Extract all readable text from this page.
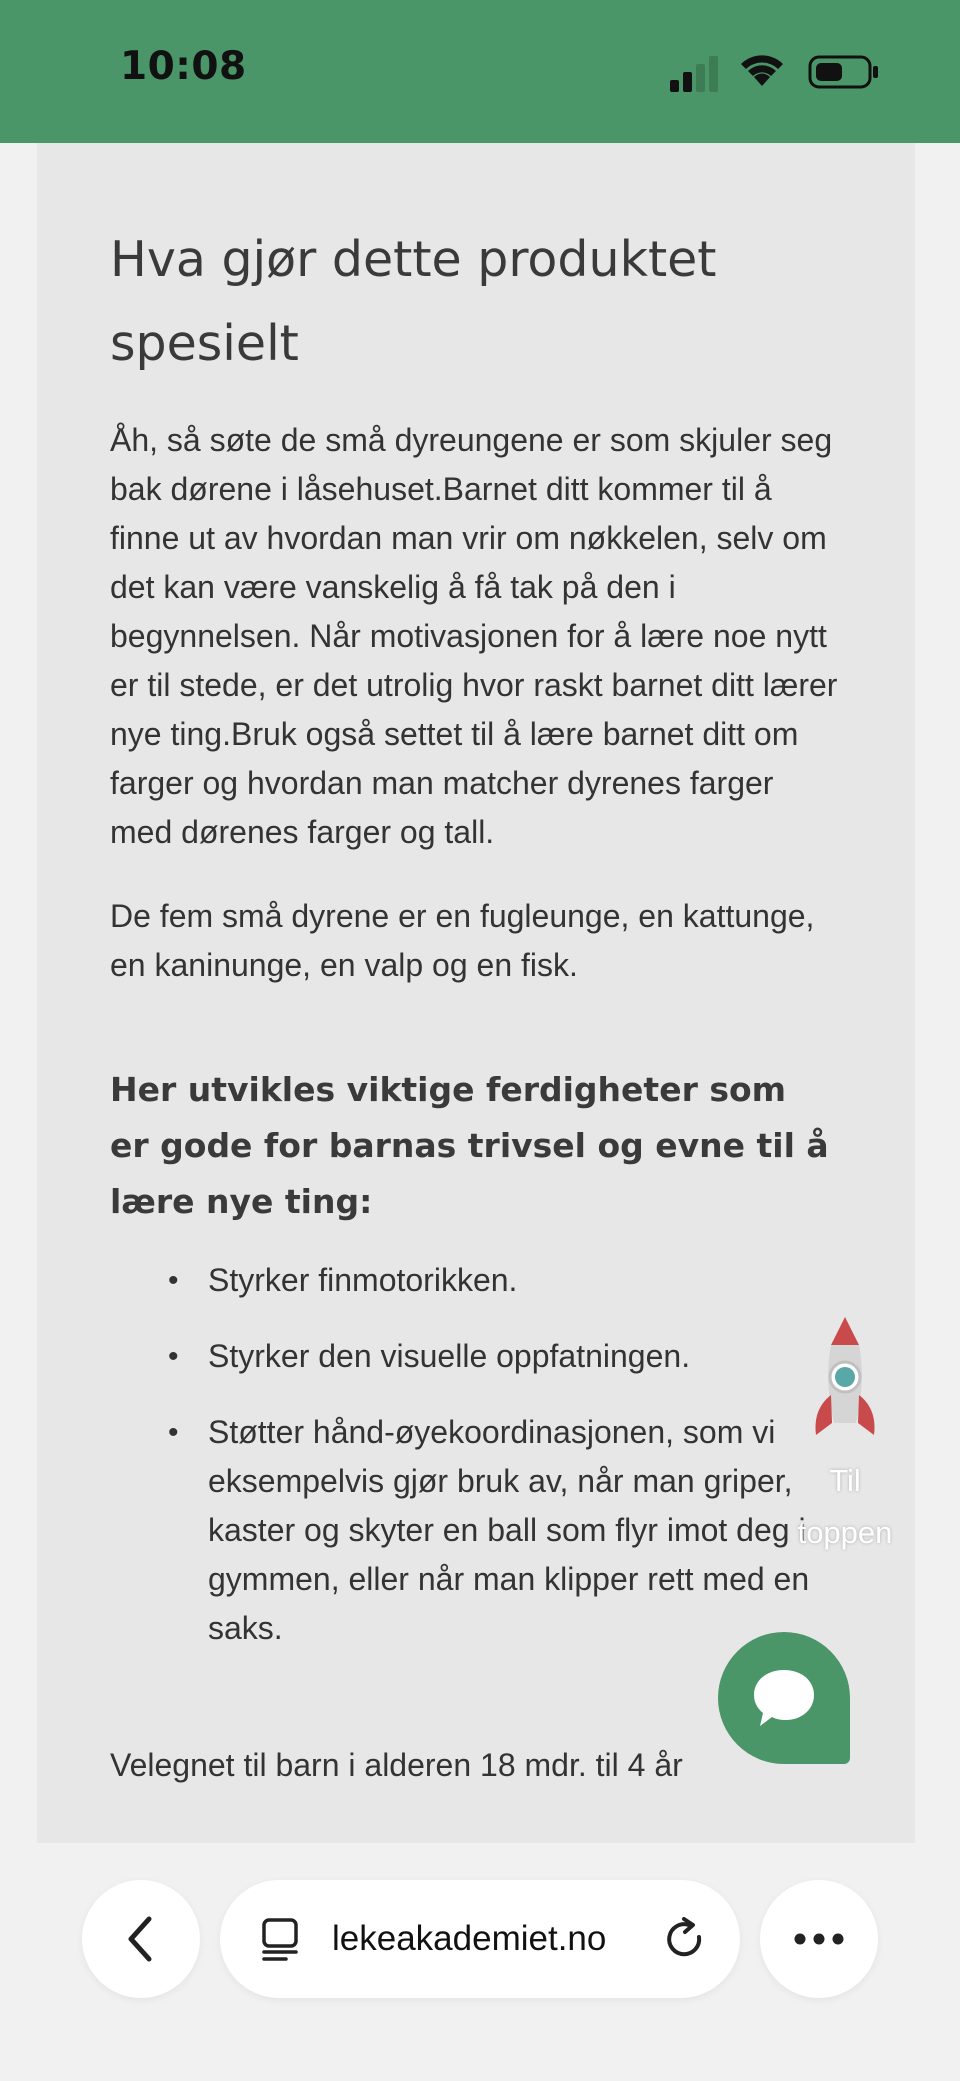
10:08
Hva gjør dette produktet spesielt

Åh, så søte de små dyreungene er som skjuler seg bak dørene i låsehuset.Barnet ditt kommer til å finne ut av hvordan man vrir om nøkkelen, selv om det kan være vanskelig å få tak på den i begynnelsen. Når motivasjonen for å lære noe nytt er til stede, er det utrolig hvor raskt barnet ditt lærer nye ting.Bruk også settet til å lære barnet ditt om farger og hvordan man matcher dyrenes farger med dørenes farger og tall.

De fem små dyrene er en fugleunge, en kattunge, en kaninunge, en valp og en fisk.

Her utvikles viktige ferdigheter som er gode for barnas trivsel og evne til å lære nye ting:
• Styrker finmotorikken.
• Styrker den visuelle oppfatningen.
• Støtter hånd-øyekoordinasjonen, som vi eksempelvis gjør bruk av, når man griper, kaster og skyter en ball som flyr imot deg i gymmen, eller når man klipper rett med en saks.

Velegnet til barn i alderen 18 mdr. til 4 år

Til toppen
lekeakademiet.no
